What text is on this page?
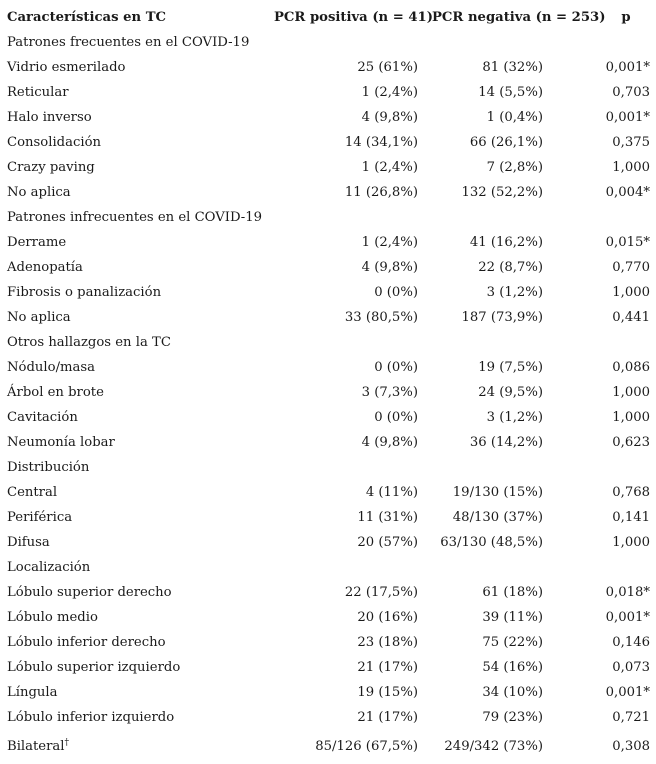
Características en TC	PCR positiva (n = 41)	PCR negativa (n = 253)	p
Patrones frecuentes en el COVID-19			
Vidrio esmerilado	25 (61%)	81 (32%)	0,001*
Reticular	1 (2,4%)	14 (5,5%)	0,703
Halo inverso	4 (9,8%)	1 (0,4%)	0,001*
Consolidación	14 (34,1%)	66 (26,1%)	0,375
Crazy paving	1 (2,4%)	7 (2,8%)	1,000
No aplica	11 (26,8%)	132 (52,2%)	0,004*
Patrones infrecuentes en el COVID-19			
Derrame	1 (2,4%)	41 (16,2%)	0,015*
Adenopatía	4 (9,8%)	22 (8,7%)	0,770
Fibrosis o panalización	0 (0%)	3 (1,2%)	1,000
No aplica	33 (80,5%)	187 (73,9%)	0,441
Otros hallazgos en la TC			
Nódulo/masa	0 (0%)	19 (7,5%)	0,086
Árbol en brote	3 (7,3%)	24 (9,5%)	1,000
Cavitación	0 (0%)	3 (1,2%)	1,000
Neumonía lobar	4 (9,8%)	36 (14,2%)	0,623
Distribución			
Central	4 (11%)	19/130 (15%)	0,768
Periférica	11 (31%)	48/130 (37%)	0,141
Difusa	20 (57%)	63/130 (48,5%)	1,000
Localización			
Lóbulo superior derecho	22 (17,5%)	61 (18%)	0,018*
Lóbulo medio	20 (16%)	39 (11%)	0,001*
Lóbulo inferior derecho	23 (18%)	75 (22%)	0,146
Lóbulo superior izquierdo	21 (17%)	54 (16%)	0,073
Língula	19 (15%)	34 (10%)	0,001*
Lóbulo inferior izquierdo	21 (17%)	79 (23%)	0,721
Bilateral†	85/126 (67,5%)	249/342 (73%)	0,308
